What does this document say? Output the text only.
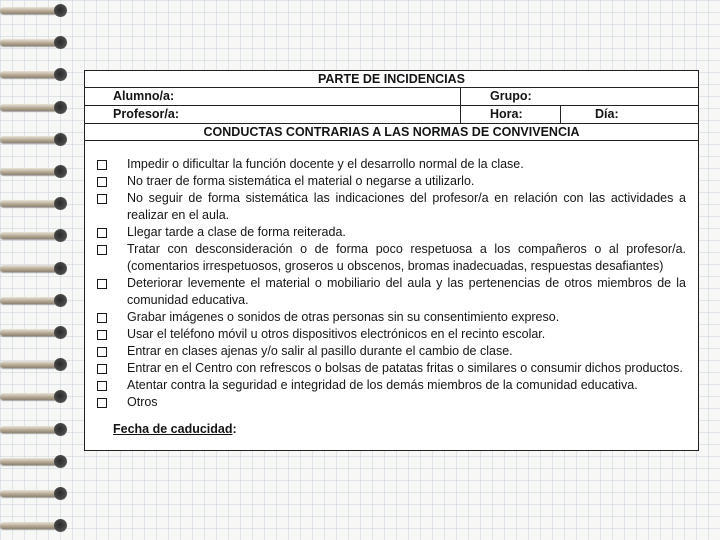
PARTE DE INCIDENCIAS
Alumno/a:	Grupo:
Profesor/a:	Hora:	Día:
CONDUCTAS CONTRARIAS A LAS NORMAS DE CONVIVENCIA
Impedir o dificultar la función docente y el desarrollo normal de la clase.
No traer de forma sistemática el material o negarse a utilizarlo.
No seguir de forma sistemática las indicaciones del profesor/a en relación con las actividades a realizar en el aula.
Llegar tarde a clase de forma reiterada.
Tratar con desconsideración o de forma poco respetuosa a los compañeros o al profesor/a. (comentarios irrespetuosos, groseros u obscenos, bromas inadecuadas, respuestas desafiantes)
Deteriorar levemente el material o mobiliario del aula y las pertenencias de otros miembros de la comunidad educativa.
Grabar imágenes o sonidos de otras personas sin su consentimiento expreso.
Usar el teléfono móvil u otros dispositivos electrónicos en el recinto escolar.
Entrar en clases ajenas y/o salir al pasillo durante el cambio de clase.
Entrar en el Centro con refrescos o bolsas de patatas fritas o similares o consumir dichos productos.
Atentar contra la seguridad e integridad de los demás miembros de la comunidad educativa.
Otros
Fecha de caducidad:
